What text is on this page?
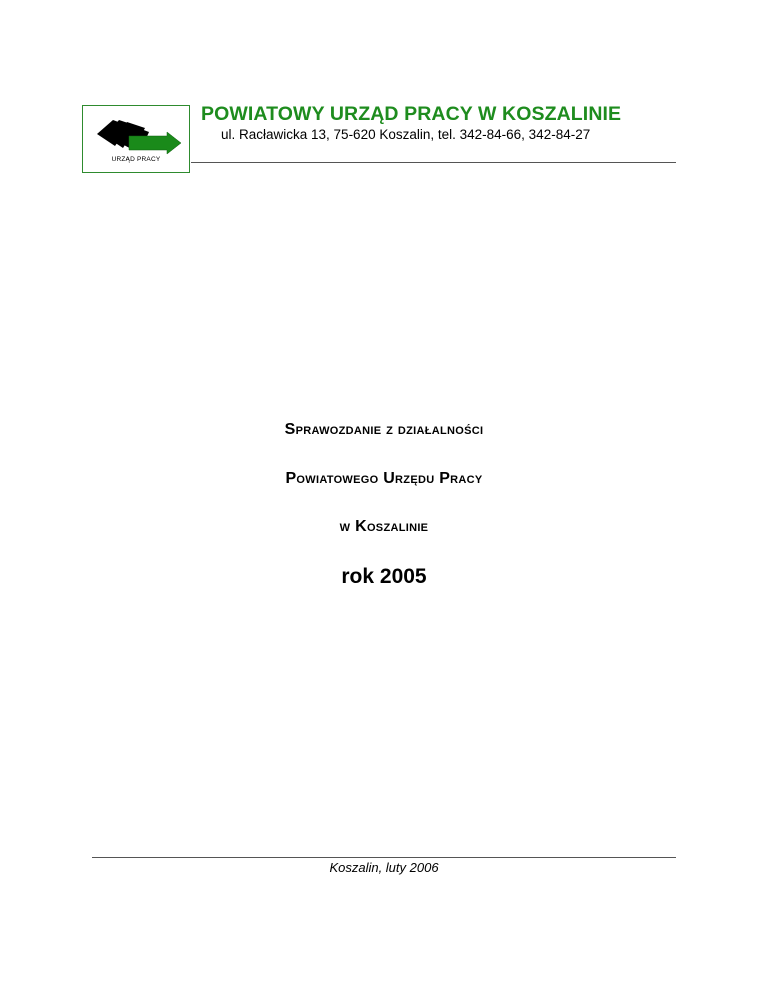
URZĄD PRACY
POWIATOWY URZĄD PRACY W KOSZALINIE
ul. Racławicka 13, 75-620 Koszalin, tel. 342-84-66, 342-84-27
Sprawozdanie z działalności
Powiatowego Urzędu Pracy
w Koszalinie
rok 2005
Koszalin, luty 2006
